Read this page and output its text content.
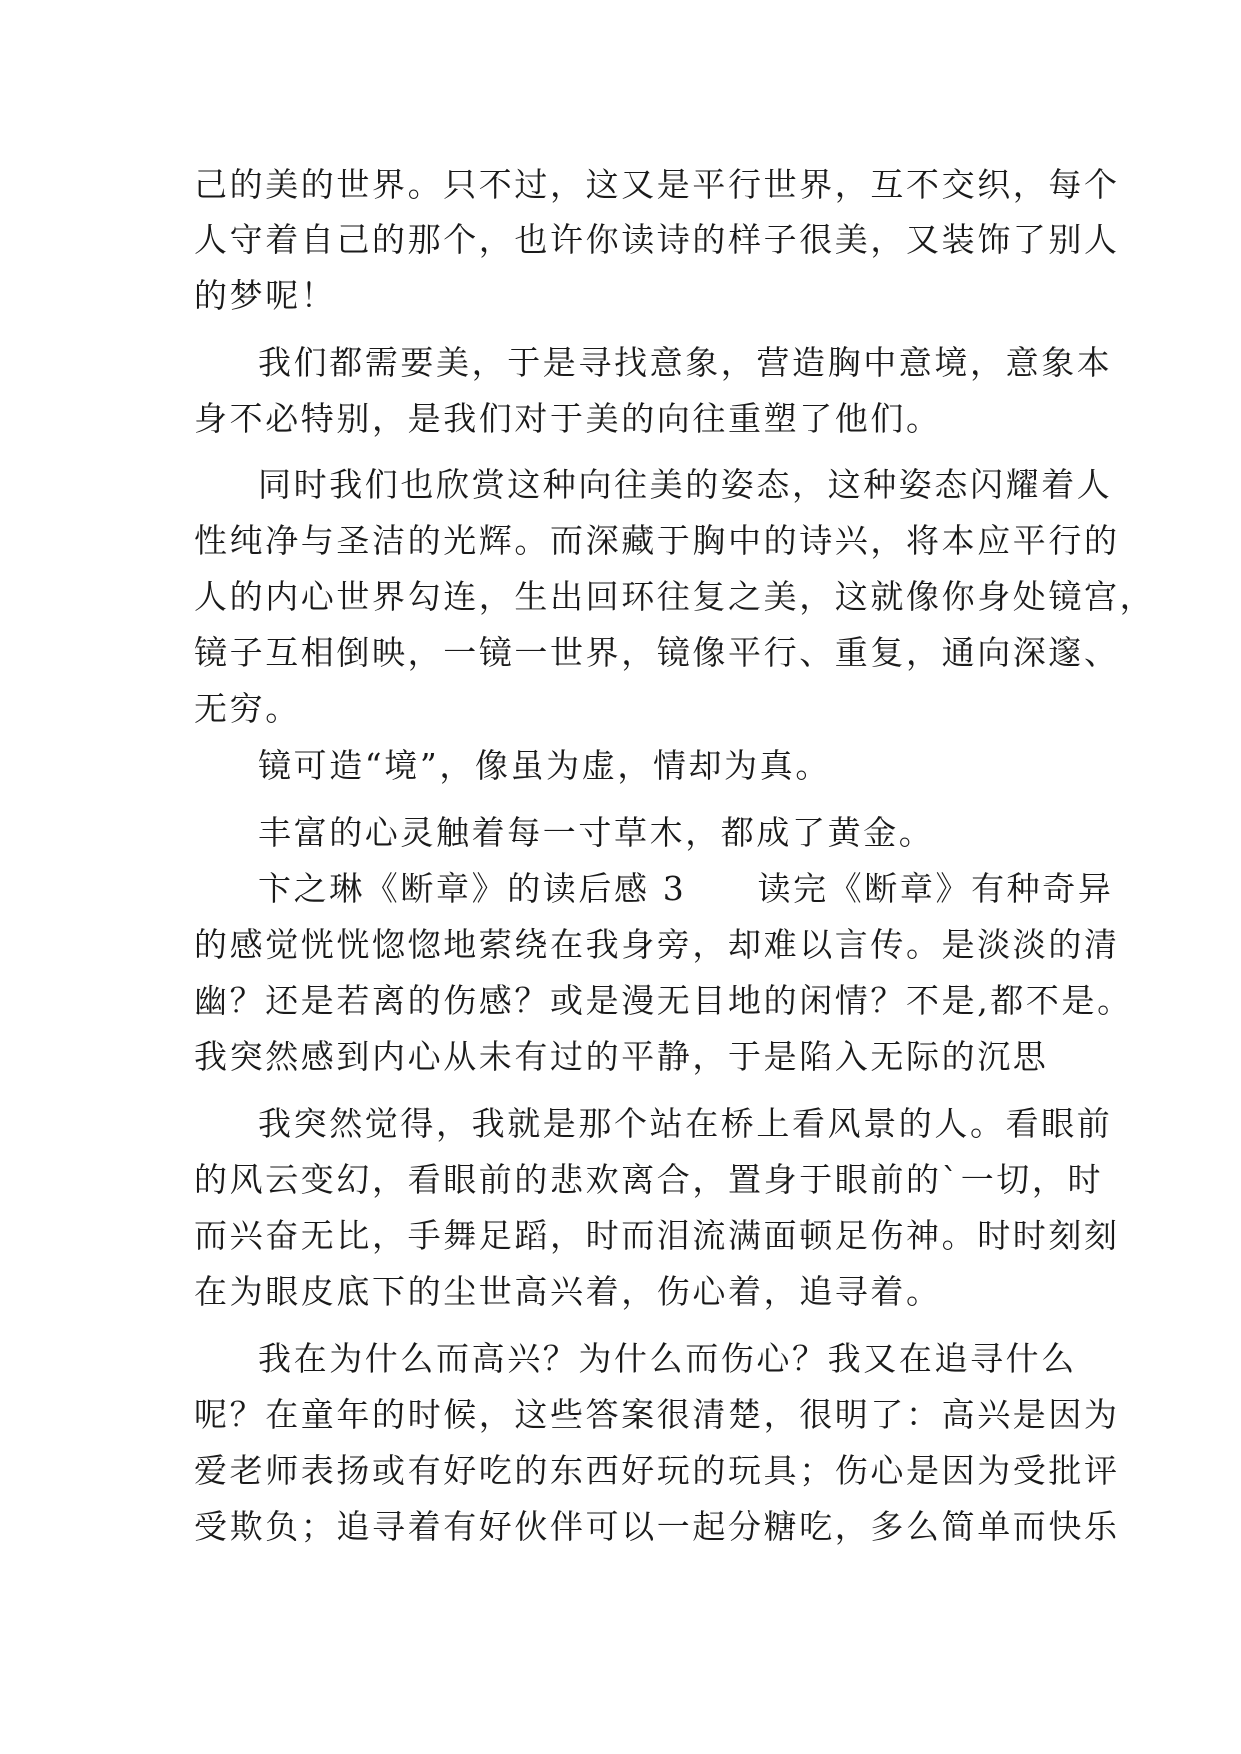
己的美的世界。只不过，这又是平行世界，互不交织，每个
人守着自己的那个，也许你读诗的样子很美，又装饰了别人
的梦呢！
我们都需要美，于是寻找意象，营造胸中意境，意象本
身不必特别，是我们对于美的向往重塑了他们。
同时我们也欣赏这种向往美的姿态，这种姿态闪耀着人
性纯净与圣洁的光辉。而深藏于胸中的诗兴，将本应平行的
人的内心世界勾连，生出回环往复之美，这就像你身处镜宫，
镜子互相倒映，一镜一世界，镜像平行、重复，通向深邃、
无穷。
镜可造“境”，像虽为虚，情却为真。
丰富的心灵触着每一寸草木，都成了黄金。
卞之琳《断章》的读后感 3　　读完《断章》有种奇异
的感觉恍恍惚惚地萦绕在我身旁，却难以言传。是淡淡的清
幽？还是若离的伤感？或是漫无目地的闲情？不是,都不是。
我突然感到内心从未有过的平静，于是陷入无际的沉思
我突然觉得，我就是那个站在桥上看风景的人。看眼前
的风云变幻，看眼前的悲欢离合，置身于眼前的`一切，时
而兴奋无比，手舞足蹈，时而泪流满面顿足伤神。时时刻刻
在为眼皮底下的尘世高兴着，伤心着，追寻着。
我在为什么而高兴？为什么而伤心？我又在追寻什么
呢？在童年的时候，这些答案很清楚，很明了：高兴是因为
爱老师表扬或有好吃的东西好玩的玩具；伤心是因为受批评
受欺负；追寻着有好伙伴可以一起分糖吃，多么简单而快乐
